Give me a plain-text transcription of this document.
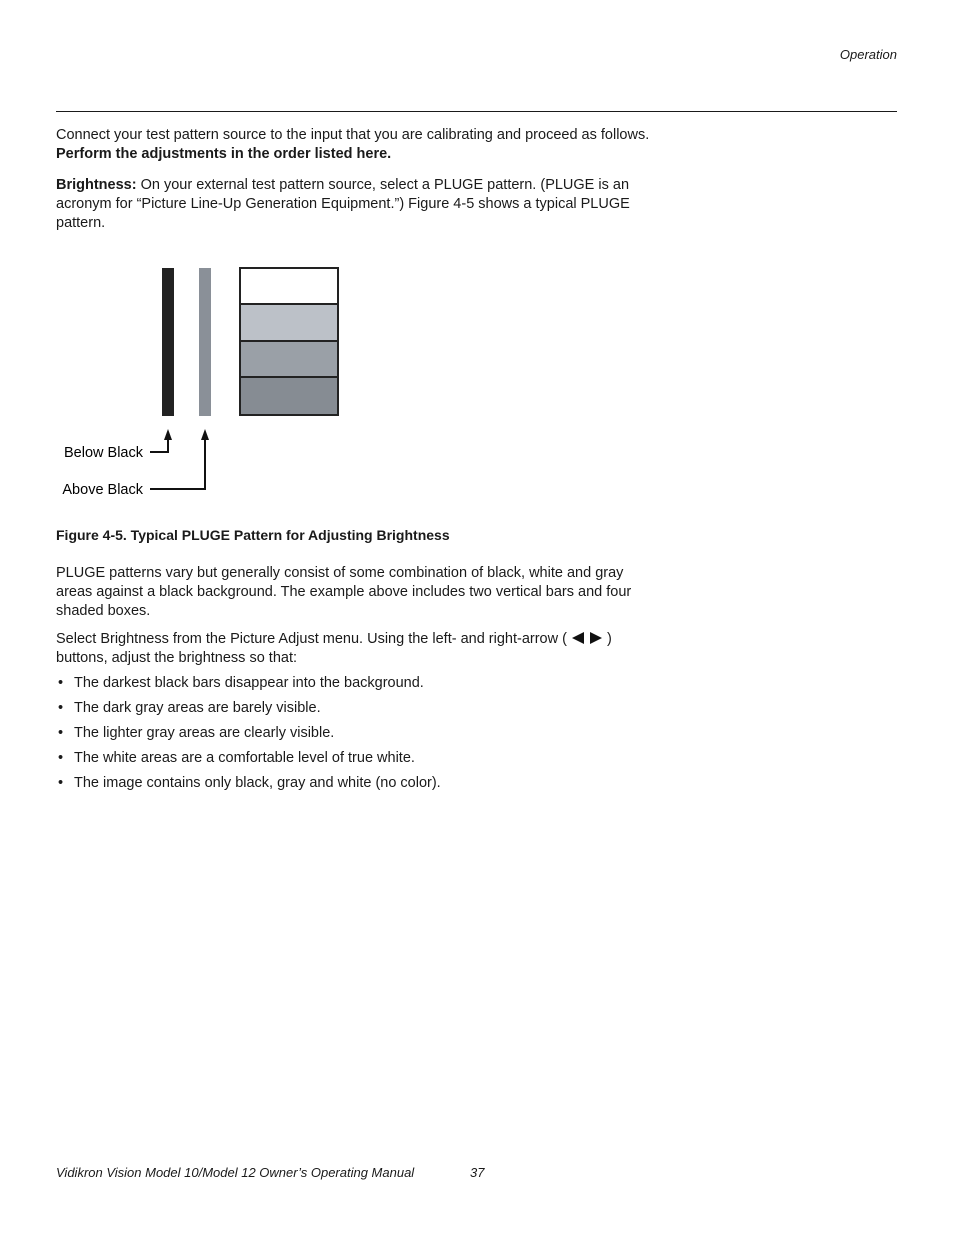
Operation

Connect your test pattern source to the input that you are calibrating and proceed as follows.
Perform the adjustments in the order listed here.

Brightness: On your external test pattern source, select a PLUGE pattern. (PLUGE is an
acronym for “Picture Line-Up Generation Equipment.”) Figure 4-5 shows a typical PLUGE
pattern.

Below Black
Above Black
Figure 4-5. Typical PLUGE Pattern for Adjusting Brightness

PLUGE patterns vary but generally consist of some combination of black, white and gray
areas against a black background. The example above includes two vertical bars and four
shaded boxes.

Select Brightness from the Picture Adjust menu. Using the left- and right-arrow (	)
buttons, adjust the brightness so that:

• The darkest black bars disappear into the background.
• The dark gray areas are barely visible.
• The lighter gray areas are clearly visible.
• The white areas are a comfortable level of true white.
• The image contains only black, gray and white (no color).
Vidikron Vision Model 10/Model 12 Owner’s Operating Manual	37
